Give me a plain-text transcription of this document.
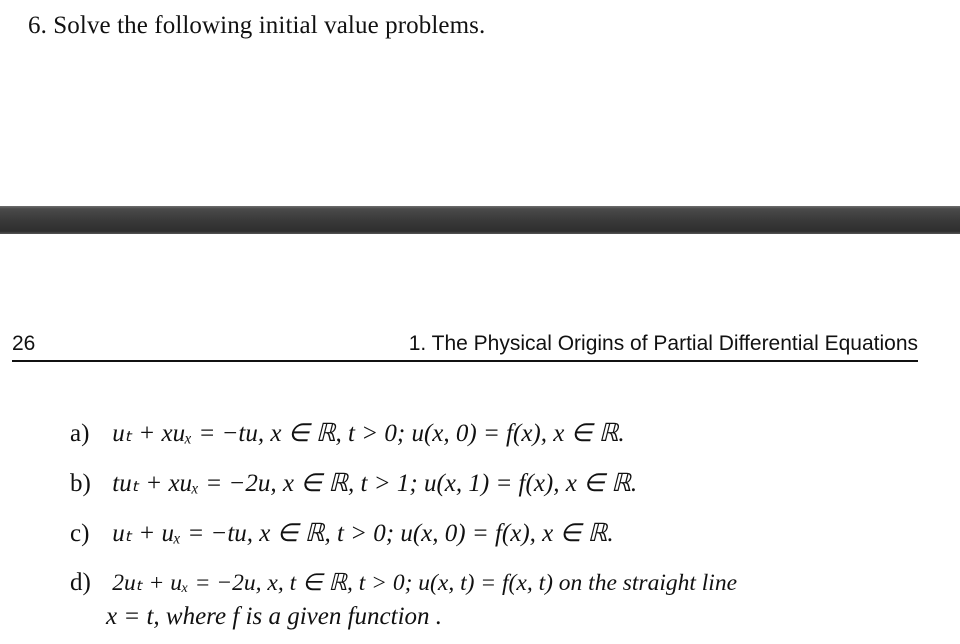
6. Solve the following initial value problems.
26	1. The Physical Origins of Partial Differential Equations
a) uₜ + xuₓ = −tu, x ∈ ℝ, t > 0; u(x, 0) = f(x), x ∈ ℝ.
b) tuₜ + xuₓ = −2u, x ∈ ℝ, t > 1; u(x, 1) = f(x), x ∈ ℝ.
c) uₜ + uₓ = −tu, x ∈ ℝ, t > 0; u(x, 0) = f(x), x ∈ ℝ.
d) 2uₜ + uₓ = −2u, x, t ∈ ℝ, t > 0; u(x, t) = f(x, t) on the straight line
x = t, where f is a given function .
